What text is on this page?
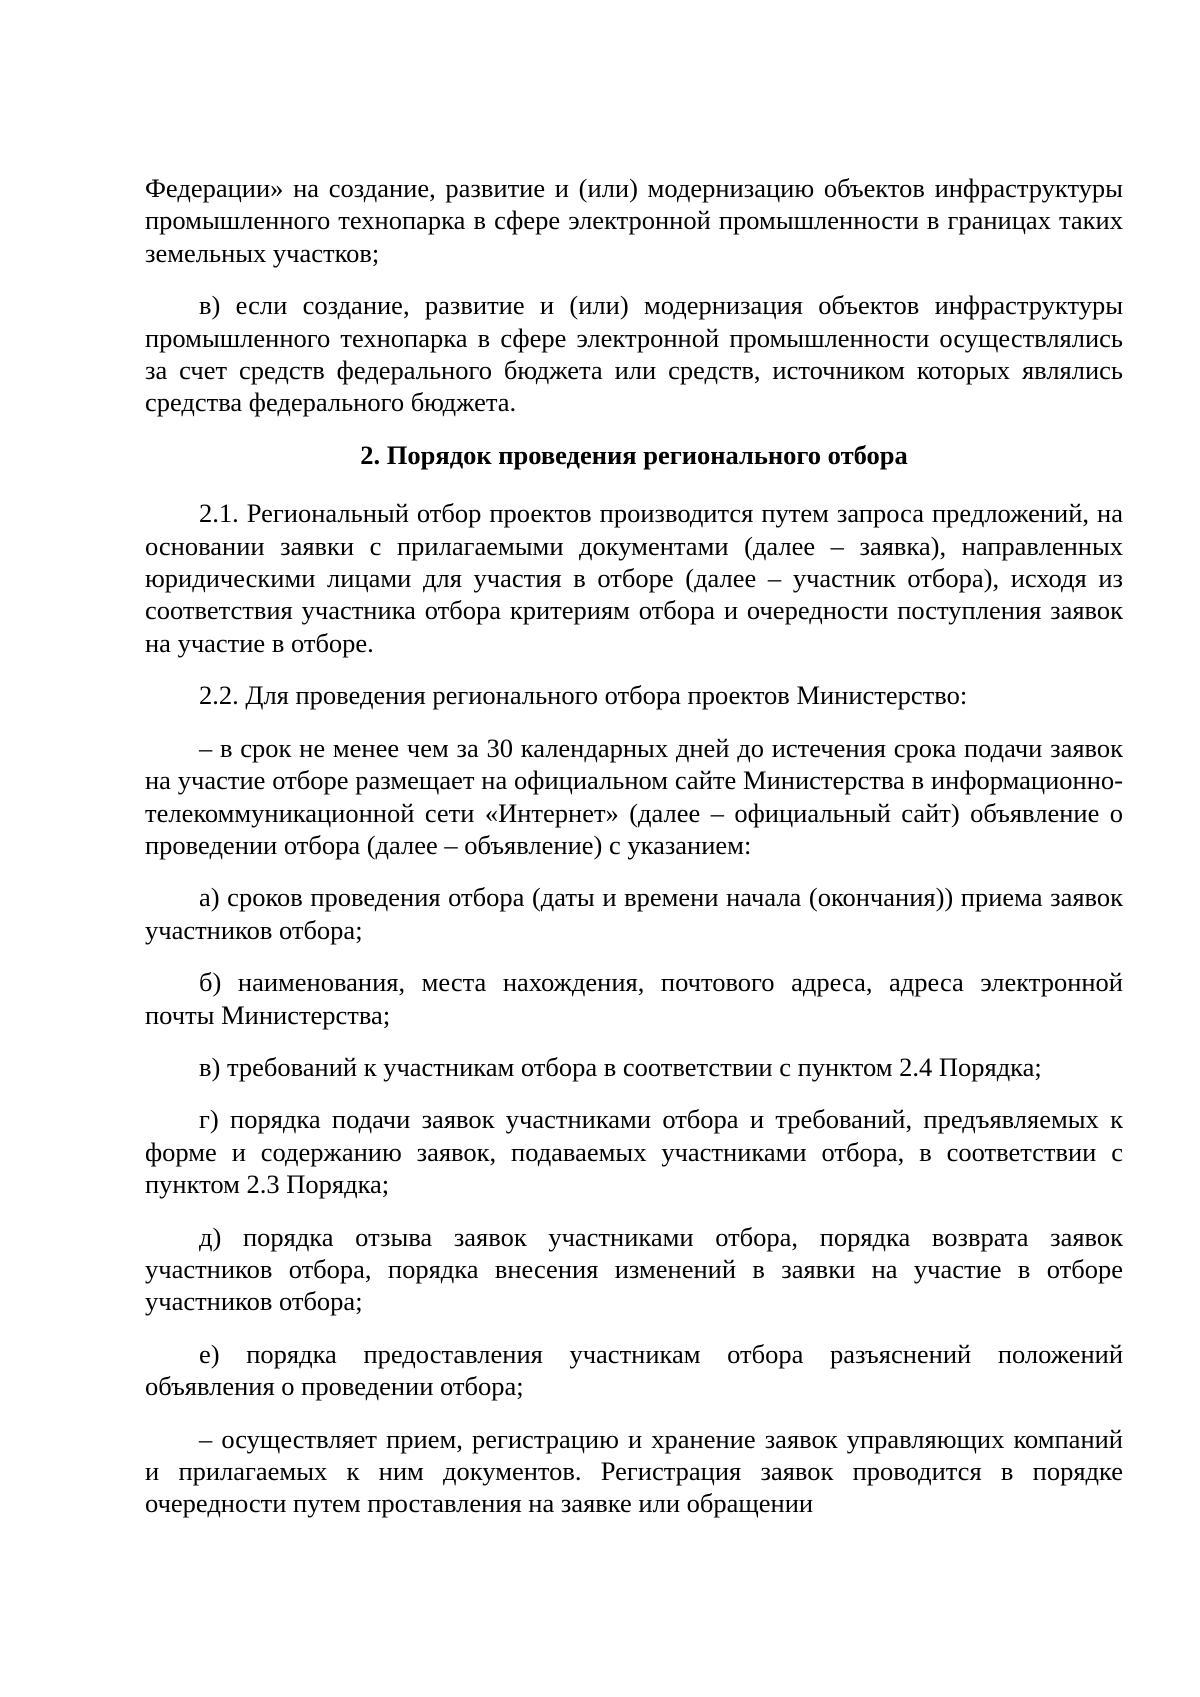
Федерации» на создание, развитие и (или) модернизацию объектов инфраструктуры промышленного технопарка в сфере электронной промышленности в границах таких земельных участков;

в) если создание, развитие и (или) модернизация объектов инфраструктуры промышленного технопарка в сфере электронной промышленности осуществлялись за счет средств федерального бюджета или средств, источником которых являлись средства федерального бюджета.

2. Порядок проведения регионального отбора

2.1. Региональный отбор проектов производится путем запроса предложений, на основании заявки с прилагаемыми документами (далее – заявка), направленных юридическими лицами для участия в отборе (далее – участник отбора), исходя из соответствия участника отбора критериям отбора и очередности поступления заявок на участие в отборе.

2.2. Для проведения регионального отбора проектов Министерство:

– в срок не менее чем за 30 календарных дней до истечения срока подачи заявок на участие отборе размещает на официальном сайте Министерства в информационно-телекоммуникационной сети «Интернет» (далее – официальный сайт) объявление о проведении отбора (далее – объявление) с указанием:

а) сроков проведения отбора (даты и времени начала (окончания)) приема заявок участников отбора;

б) наименования, места нахождения, почтового адреса, адреса электронной почты Министерства;

в) требований к участникам отбора в соответствии с пунктом 2.4 Порядка;

г) порядка подачи заявок участниками отбора и требований, предъявляемых к форме и содержанию заявок, подаваемых участниками отбора, в соответствии с пунктом 2.3 Порядка;

д) порядка отзыва заявок участниками отбора, порядка возврата заявок участников отбора, порядка внесения изменений в заявки на участие в отборе участников отбора;

е) порядка предоставления участникам отбора разъяснений положений объявления о проведении отбора;

– осуществляет прием, регистрацию и хранение заявок управляющих компаний и прилагаемых к ним документов. Регистрация заявок проводится в порядке очередности путем проставления на заявке или обращении
